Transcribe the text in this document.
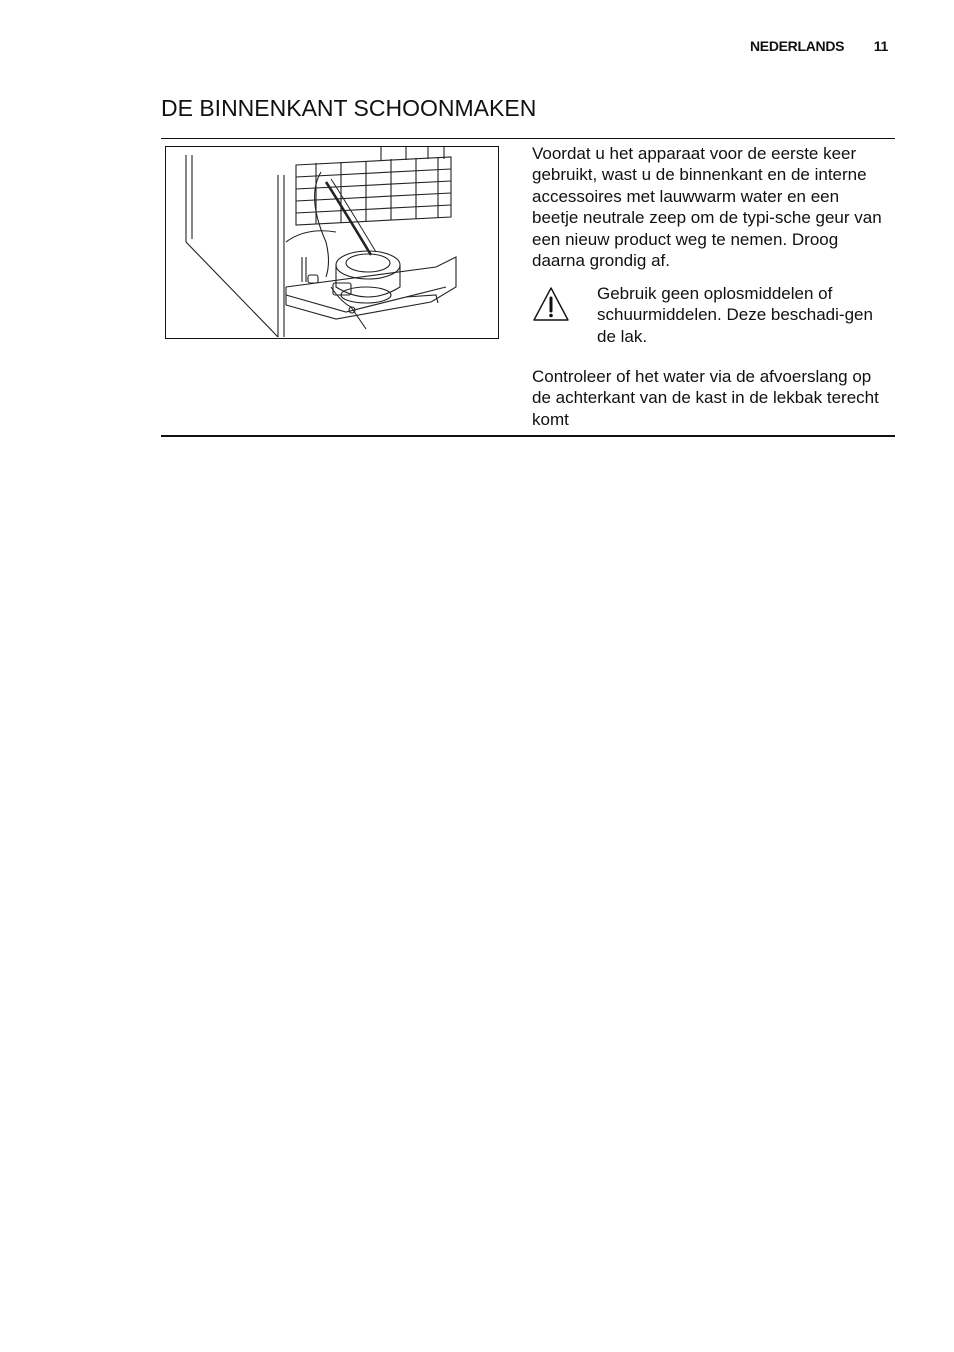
NEDERLANDS 11
DE BINNENKANT SCHOONMAKEN
Voordat u het apparaat voor de eerste keer gebruikt, wast u de binnenkant en de interne accessoires met lauwwarm water en een beetje neutrale zeep om de typi-sche geur van een nieuw product weg te nemen. Droog daarna grondig af.
Gebruik geen oplosmiddelen of schuurmiddelen. Deze beschadi-gen de lak.
Controleer of het water via de afvoerslang op de achterkant van de kast in de lekbak terecht komt
